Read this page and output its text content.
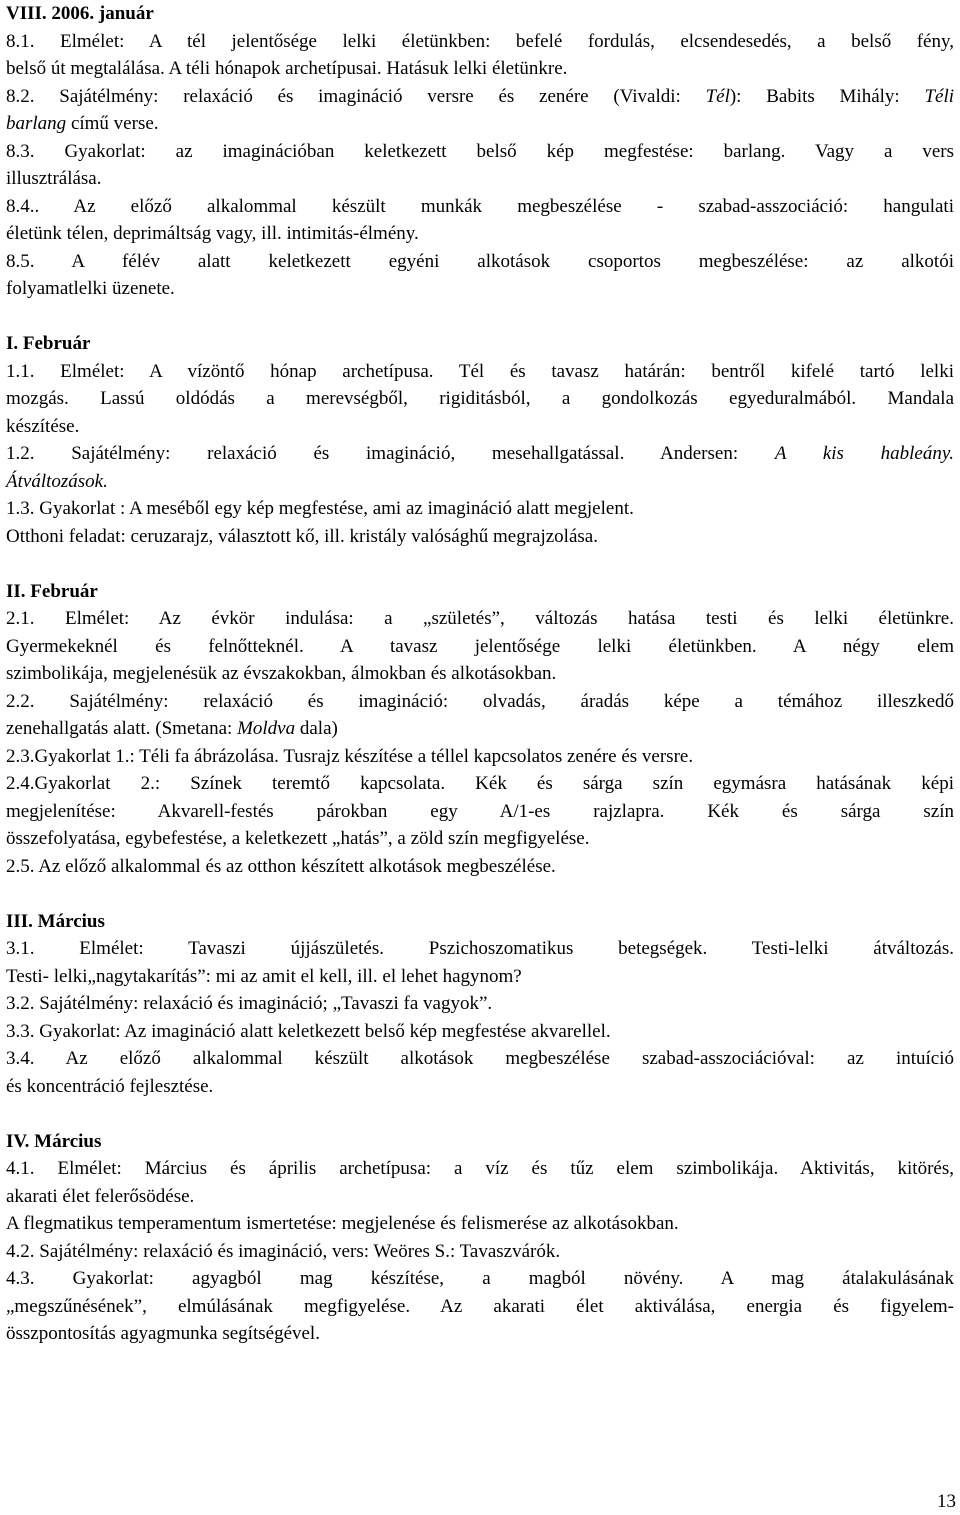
VIII. 2006. január
8.1. Elmélet: A tél jelentősége lelki életünkben: befelé fordulás, elcsendesedés, a belső fény,
belső út megtalálása. A téli hónapok archetípusai. Hatásuk lelki életünkre.
8.2. Sajátélmény: relaxáció és imagináció versre és zenére (Vivaldi: Tél): Babits Mihály: Téli
barlang című verse.
8.3. Gyakorlat: az imaginációban keletkezett belső kép megfestése: barlang. Vagy a vers
illusztrálása.
8.4.. Az előző alkalommal készült munkák megbeszélése - szabad-asszociáció: hangulati
életünk télen, deprimáltság vagy, ill. intimitás-élmény.
8.5. A félév alatt keletkezett egyéni alkotások csoportos megbeszélése: az alkotói
folyamatlelki üzenete.
I. Február
1.1. Elmélet: A vízöntő hónap archetípusa. Tél és tavasz határán: bentről kifelé tartó lelki
mozgás. Lassú oldódás a merevségből, rigiditásból, a gondolkozás egyeduralmából. Mandala
készítése.
1.2. Sajátélmény: relaxáció és imagináció, mesehallgatással. Andersen: A kis hableány.
Átváltozások.
1.3. Gyakorlat : A meséből egy kép megfestése, ami az imagináció alatt megjelent.
Otthoni feladat: ceruzarajz, választott kő, ill. kristály valósághű megrajzolása.
II. Február
2.1. Elmélet: Az évkör indulása: a „születés”, változás hatása testi és lelki életünkre.
Gyermekeknél és felnőtteknél. A tavasz jelentősége lelki életünkben. A négy elem
szimbolikája, megjelenésük az évszakokban, álmokban és alkotásokban.
2.2. Sajátélmény: relaxáció és imagináció: olvadás, áradás képe a témához illeszkedő
zenehallgatás alatt. (Smetana: Moldva dala)
2.3.Gyakorlat 1.: Téli fa ábrázolása. Tusrajz készítése a téllel kapcsolatos zenére és versre.
2.4.Gyakorlat 2.: Színek teremtő kapcsolata. Kék és sárga szín egymásra hatásának képi
megjelenítése: Akvarell-festés párokban egy A/1-es rajzlapra. Kék és sárga szín
összefolyatása, egybefestése, a keletkezett „hatás”, a zöld szín megfigyelése.
2.5. Az előző alkalommal és az otthon készített alkotások megbeszélése.
III. Március
3.1. Elmélet: Tavaszi újjászületés. Pszichoszomatikus betegségek. Testi-lelki átváltozás.
Testi- lelki„nagytakarítás”: mi az amit el kell, ill. el lehet hagynom?
3.2. Sajátélmény: relaxáció és imagináció; „Tavaszi fa vagyok”.
3.3. Gyakorlat: Az imagináció alatt keletkezett belső kép megfestése akvarellel.
3.4. Az előző alkalommal készült alkotások megbeszélése szabad-asszociációval: az intuíció
és koncentráció fejlesztése.
IV. Március
4.1. Elmélet: Március és április archetípusa: a víz és tűz elem szimbolikája. Aktivitás, kitörés,
akarati élet felerősödése.
A flegmatikus temperamentum ismertetése: megjelenése és felismerése az alkotásokban.
4.2. Sajátélmény: relaxáció és imagináció, vers: Weöres S.: Tavaszvárók.
4.3. Gyakorlat: agyagból mag készítése, a magból növény. A mag átalakulásának
„megszűnésének”, elmúlásának megfigyelése. Az akarati élet aktiválása, energia és figyelem-
összpontosítás agyagmunka segítségével.
13
